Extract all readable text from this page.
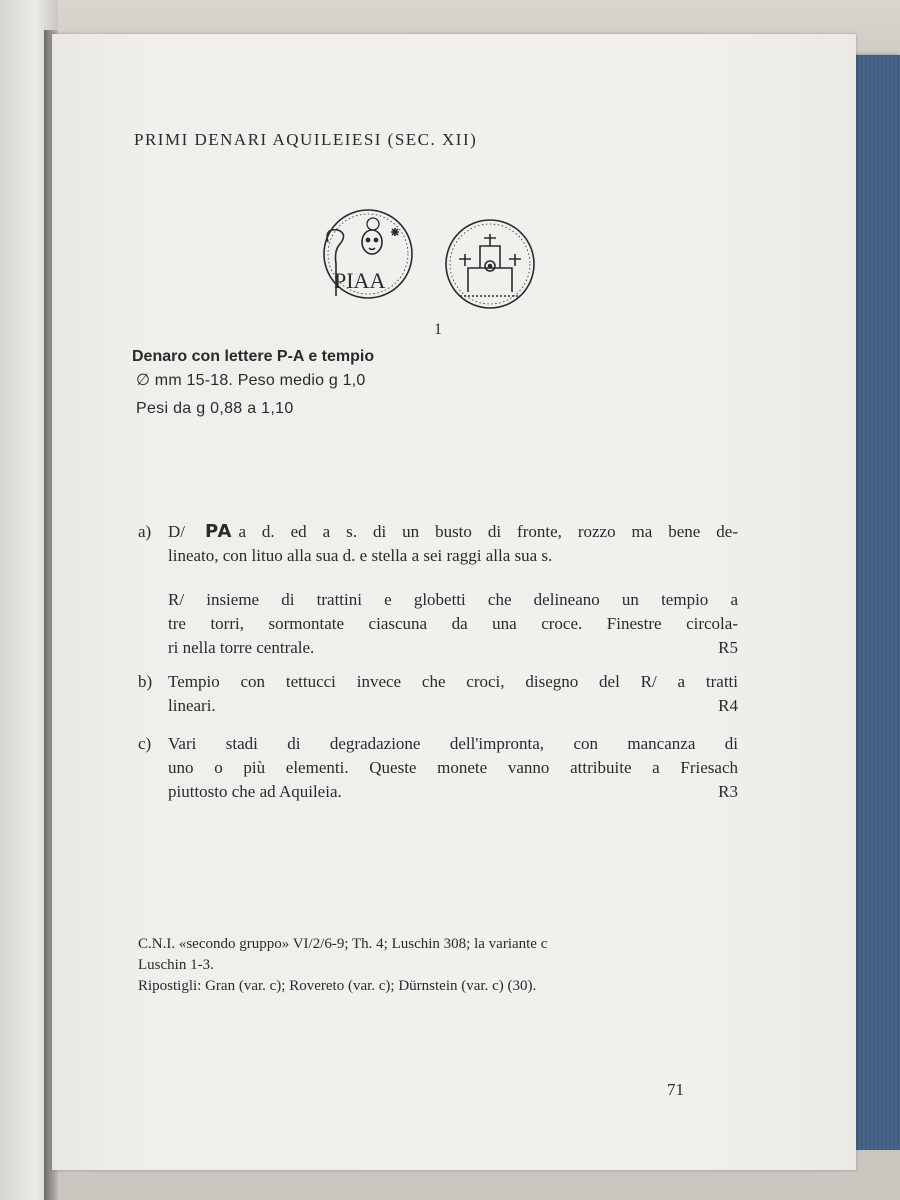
PRIMI DENARI AQUILEIESI (SEC. XII)
PIAA
1
Denaro con lettere P-A e tempio
∅ mm 15-18. Peso medio g 1,0
Pesi da g 0,88 a 1,10
a) D/ PA a d. ed a s. di un busto di fronte, rozzo ma bene de-
lineato, con lituo alla sua d. e stella a sei raggi alla sua s.
R/ insieme di trattini e globetti che delineano un tempio a
tre torri, sormontate ciascuna da una croce. Finestre circola-
ri nella torre centrale.	R5
b) Tempio con tettucci invece che croci, disegno del R/ a tratti
lineari.	R4
c) Vari stadi di degradazione dell'impronta, con mancanza di
uno o più elementi. Queste monete vanno attribuite a Friesach
piuttosto che ad Aquileia.	R3
C.N.I. «secondo gruppo» VI/2/6-9; Th. 4; Luschin 308; la variante c
Luschin 1-3.
Ripostigli: Gran (var. c); Rovereto (var. c); Dürnstein (var. c) (30).
71
